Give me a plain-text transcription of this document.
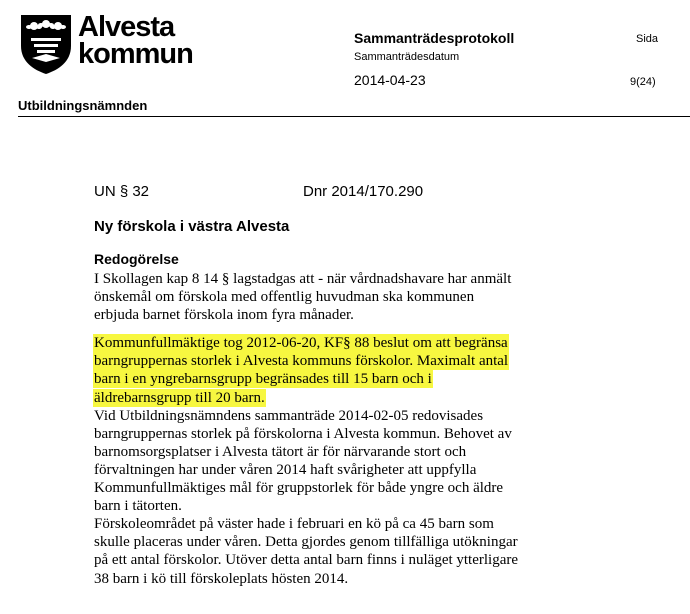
Alvesta
kommun	Sammanträdesprotokoll	Sida
Sammanträdesdatum
2014-04-23	9(24)
Utbildningsnämnden
UN § 32	Dnr 2014/170.290
Ny förskola i västra Alvesta
Redogörelse

I Skollagen kap 8 14 § lagstadgas att - när vårdnadshavare har anmält
önskemål om förskola med offentlig huvudman ska kommunen
erbjuda barnet förskola inom fyra månader.

Kommunfullmäktige tog 2012-06-20, KF§ 88 beslut om att begränsa
barngruppernas storlek i Alvesta kommuns förskolor. Maximalt antal
barn i en yngrebarnsgrupp begränsades till 15 barn och i
äldrebarnsgrupp till 20 barn.

Vid Utbildningsnämndens sammanträde 2014-02-05 redovisades
barngruppernas storlek på förskolorna i Alvesta kommun. Behovet av
barnomsorgsplatser i Alvesta tätort är för närvarande stort och
förvaltningen har under våren 2014 haft svårigheter att uppfylla
Kommunfullmäktiges mål för gruppstorlek för både yngre och äldre
barn i tätorten.

Förskoleområdet på väster hade i februari en kö på ca 45 barn som
skulle placeras under våren. Detta gjordes genom tillfälliga utökningar
på ett antal förskolor. Utöver detta antal barn finns i nuläget ytterligare
38 barn i kö till förskoleplats hösten 2014.
